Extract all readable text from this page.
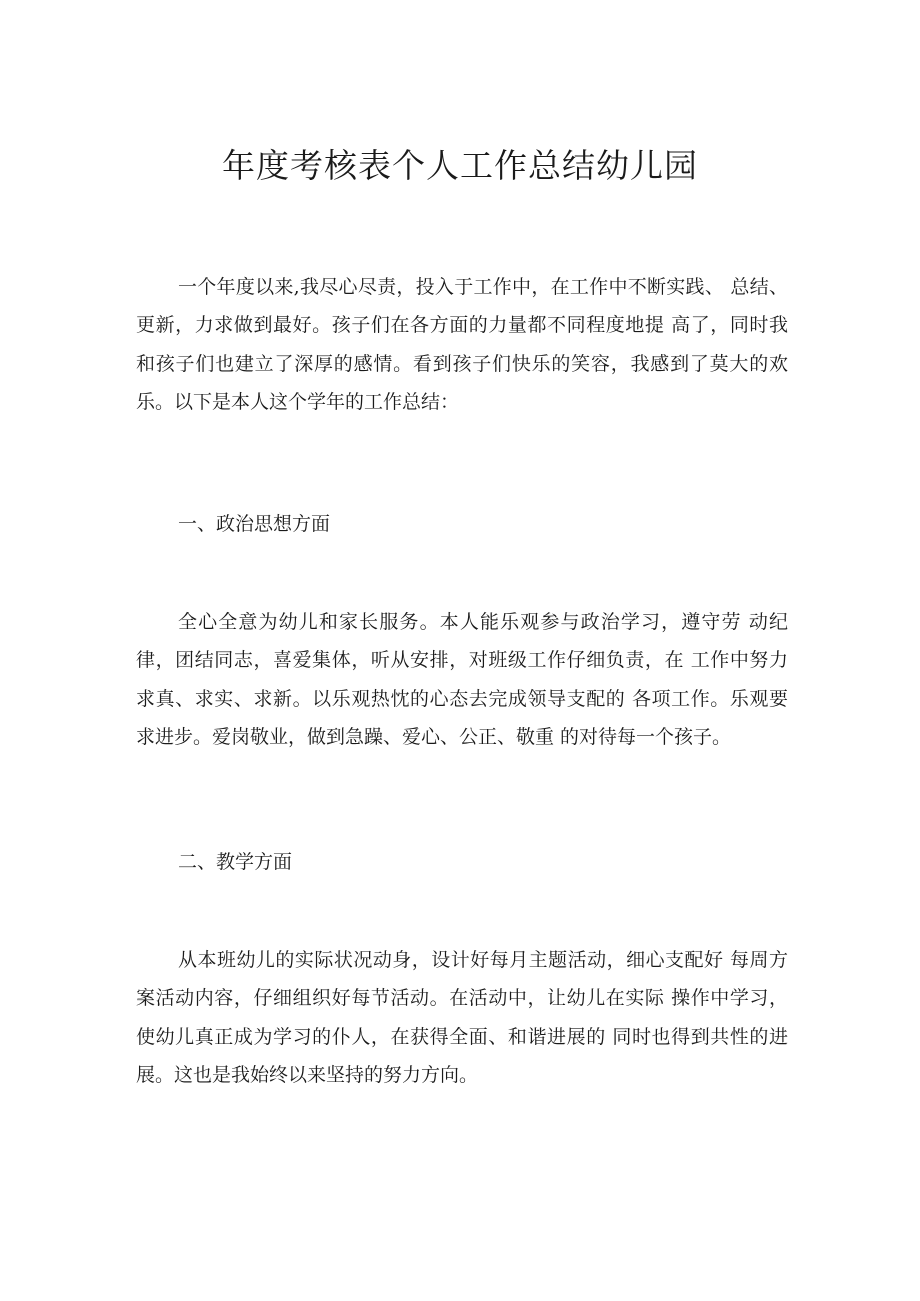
年度考核表个人工作总结幼儿园

一个年度以来,我尽心尽责，投入于工作中，在工作中不断实践、 总结、更新，力求做到最好。孩子们在各方面的力量都不同程度地提 高了，同时我和孩子们也建立了深厚的感情。看到孩子们快乐的笑容，我感到了莫大的欢乐。以下是本人这个学年的工作总结：

一、政治思想方面

全心全意为幼儿和家长服务。本人能乐观参与政治学习，遵守劳 动纪律，团结同志，喜爱集体，听从安排，对班级工作仔细负责，在 工作中努力求真、求实、求新。以乐观热忱的心态去完成领导支配的 各项工作。乐观要求进步。爱岗敬业，做到急躁、爱心、公正、敬重 的对待每一个孩子。

二、教学方面

从本班幼儿的实际状况动身，设计好每月主题活动，细心支配好 每周方案活动内容，仔细组织好每节活动。在活动中，让幼儿在实际 操作中学习，使幼儿真正成为学习的仆人，在获得全面、和谐进展的 同时也得到共性的进展。这也是我始终以来坚持的努力方向。
